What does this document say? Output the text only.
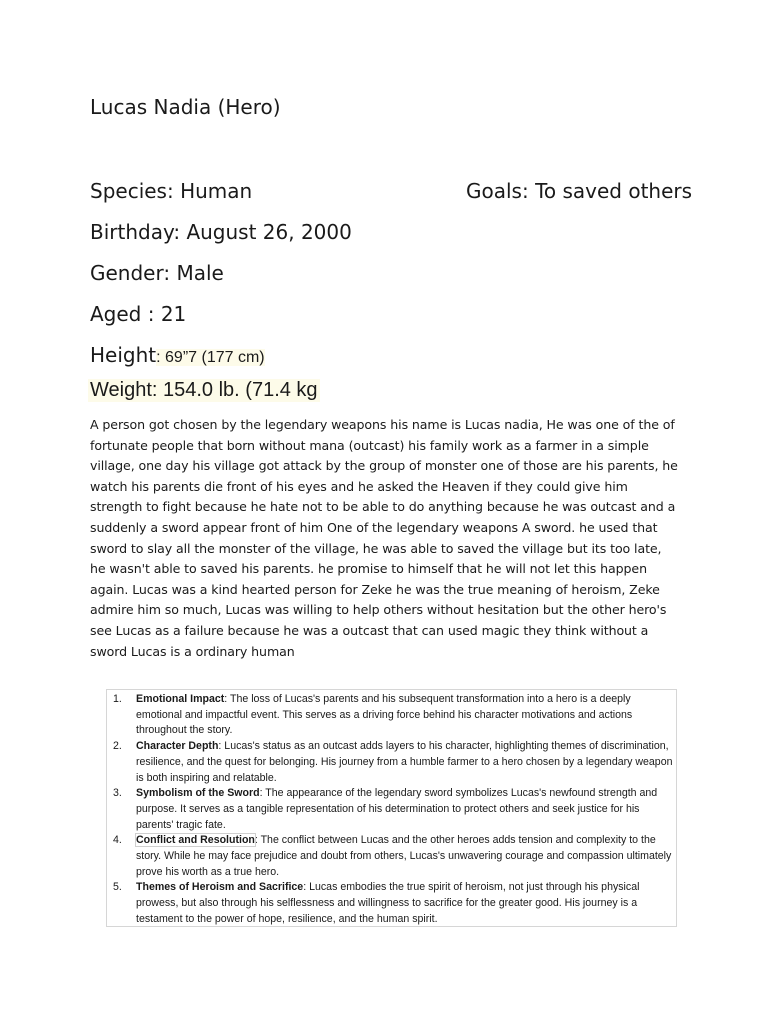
Lucas Nadia (Hero)
Species: Human	Goals: To saved others
Birthday: August 26, 2000
Gender: Male
Aged : 21
Height: 69”7 (177 cm)
Weight: 154.0 lb. (71.4 kg

A person got chosen by the legendary weapons his name is Lucas nadia, He was one of the of fortunate people that born without mana (outcast) his family work as a farmer in a simple village, one day his village got attack by the group of monster one of those are his parents, he watch his parents die front of his eyes and he asked the Heaven if they could give him strength to fight because he hate not to be able to do anything because he was outcast and a suddenly a sword appear front of him One of the legendary weapons A sword. he used that sword to slay all the monster of the village, he was able to saved the village but its too late, he wasn't able to saved his parents. he promise to himself that he will not let this happen again. Lucas was a kind hearted person for Zeke he was the true meaning of heroism, Zeke admire him so much, Lucas was willing to help others without hesitation but the other hero's see Lucas as a failure because he was a outcast that can used magic they think without a sword Lucas is a ordinary human

1. Emotional Impact: The loss of Lucas's parents and his subsequent transformation into a hero is a deeply emotional and impactful event. This serves as a driving force behind his character motivations and actions throughout the story.
2. Character Depth: Lucas's status as an outcast adds layers to his character, highlighting themes of discrimination, resilience, and the quest for belonging. His journey from a humble farmer to a hero chosen by a legendary weapon is both inspiring and relatable.
3. Symbolism of the Sword: The appearance of the legendary sword symbolizes Lucas's newfound strength and purpose. It serves as a tangible representation of his determination to protect others and seek justice for his parents' tragic fate.
4. Conflict and Resolution: The conflict between Lucas and the other heroes adds tension and complexity to the story. While he may face prejudice and doubt from others, Lucas's unwavering courage and compassion ultimately prove his worth as a true hero.
5. Themes of Heroism and Sacrifice: Lucas embodies the true spirit of heroism, not just through his physical prowess, but also through his selflessness and willingness to sacrifice for the greater good. His journey is a testament to the power of hope, resilience, and the human spirit.
